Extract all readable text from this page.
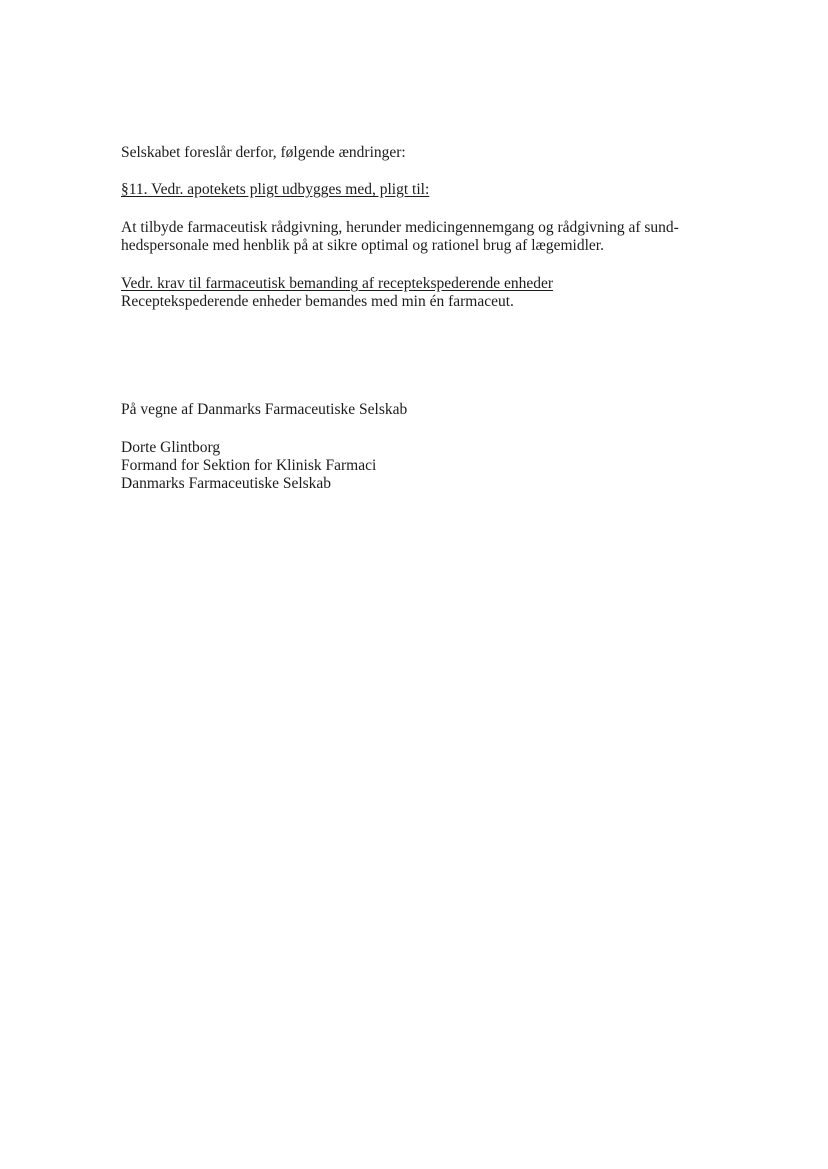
Selskabet foreslår derfor, følgende ændringer:

§11. Vedr. apotekets pligt udbygges med, pligt til:

At tilbyde farmaceutisk rådgivning, herunder medicingennemgang og rådgivning af sund-

hedspersonale med henblik på at sikre optimal og rationel brug af lægemidler.

Vedr. krav til farmaceutisk bemanding af receptekspederende enheder

Receptekspederende enheder bemandes med min én farmaceut.

På vegne af Danmarks Farmaceutiske Selskab

Dorte Glintborg

Formand for Sektion for Klinisk Farmaci

Danmarks Farmaceutiske Selskab
